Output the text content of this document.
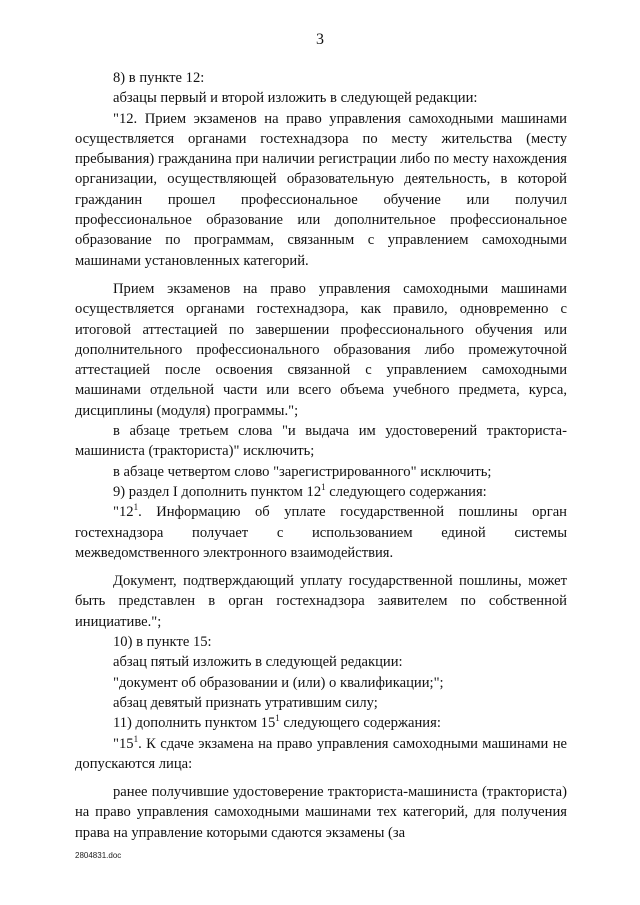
3

8) в пункте 12:

абзацы первый и второй изложить в следующей редакции:

"12. Прием экзаменов на право управления самоходными машинами осуществляется органами гостехнадзора по месту жительства (месту пребывания) гражданина при наличии регистрации либо по месту нахождения организации, осуществляющей образовательную деятельность, в которой гражданин прошел профессиональное обучение или получил профессиональное образование или дополнительное профессиональное образование по программам, связанным с управлением самоходными машинами установленных категорий.

Прием экзаменов на право управления самоходными машинами осуществляется органами гостехнадзора, как правило, одновременно с итоговой аттестацией по завершении профессионального обучения или дополнительного профессионального образования либо промежуточной аттестацией после освоения связанной с управлением самоходными машинами отдельной части или всего объема учебного предмета, курса, дисциплины (модуля) программы.";

в абзаце третьем слова "и выдача им удостоверений тракториста-машиниста (тракториста)" исключить;

в абзаце четвертом слово "зарегистрированного" исключить;

9) раздел I дополнить пунктом $12^1$ следующего содержания:

"$12^1$. Информацию об уплате государственной пошлины орган гостехнадзора получает с использованием единой системы межведомственного электронного взаимодействия.

Документ, подтверждающий уплату государственной пошлины, может быть представлен в орган гостехнадзора заявителем по собственной инициативе.";

10) в пункте 15:

абзац пятый изложить в следующей редакции:

"документ об образовании и (или) о квалификации;";

абзац девятый признать утратившим силу;

11) дополнить пунктом $15^1$ следующего содержания:

"$15^1$. К сдаче экзамена на право управления самоходными машинами не допускаются лица:

ранее получившие удостоверение тракториста-машиниста (тракториста) на право управления самоходными машинами тех категорий, для получения права на управление которыми сдаются экзамены (за

2804831.doc
